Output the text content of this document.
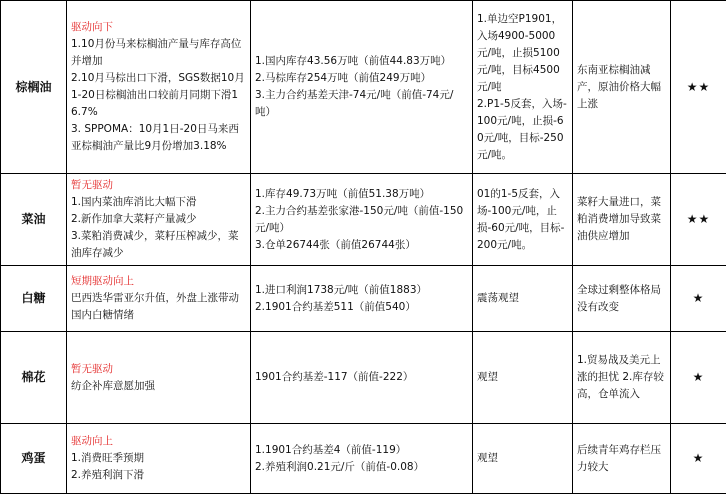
棕榈油	驱动向下
1.10月份马来棕榈油产量与库存高位并增加
2.10月马棕出口下滑，SGS数据10月1-20日棕榈油出口较前月同期下滑16.7%
3. SPPOMA：10月1日-20日马来西亚棕榈油产量比9月份增加3.18%	1.国内库存43.56万吨（前值44.83万吨）
2.马棕库存254万吨（前值249万吨）
3.主力合约基差天津-74元/吨（前值-74元/吨）	1.单边空P1901，入场4900-5000元/吨，止损5100元/吨，目标4500元/吨
2.P1-5反套，入场-100元/吨，止损-60元/吨，目标-250元/吨。	东南亚棕榈油减产，原油价格大幅上涨	★★
菜油	暂无驱动
1.国内菜油库消比大幅下滑
2.新作加拿大菜籽产量减少
3.菜粕消费减少，菜籽压榨减少，菜油库存减少	1.库存49.73万吨（前值51.38万吨）
2.主力合约基差张家港-150元/吨（前值-150元/吨）
3.仓单26744张（前值26744张）	01的1-5反套，入场-100元/吨，止损-60元/吨，目标-200元/吨。	菜籽大量进口，菜粕消费增加导致菜油供应增加	★★
白糖	短期驱动向上
巴西迭华雷亚尔升值，外盘上涨带动国内白糖情绪	1.进口利润1738元/吨（前值1883）
2.1901合约基差511（前值540）	震荡观望	全球过剩整体格局没有改变	★
棉花	暂无驱动
纺企补库意愿加强	1901合约基差-117（前值-222）	观望	1.贸易战及美元上涨的担忧 2.库存较高，仓单流入	★
鸡蛋	驱动向上
1.消费旺季预期
2.养殖利润下滑	1.1901合约基差4（前值-119）
2.养殖利润0.21元/斤（前值-0.08）	观望	后续青年鸡存栏压力较大	★
